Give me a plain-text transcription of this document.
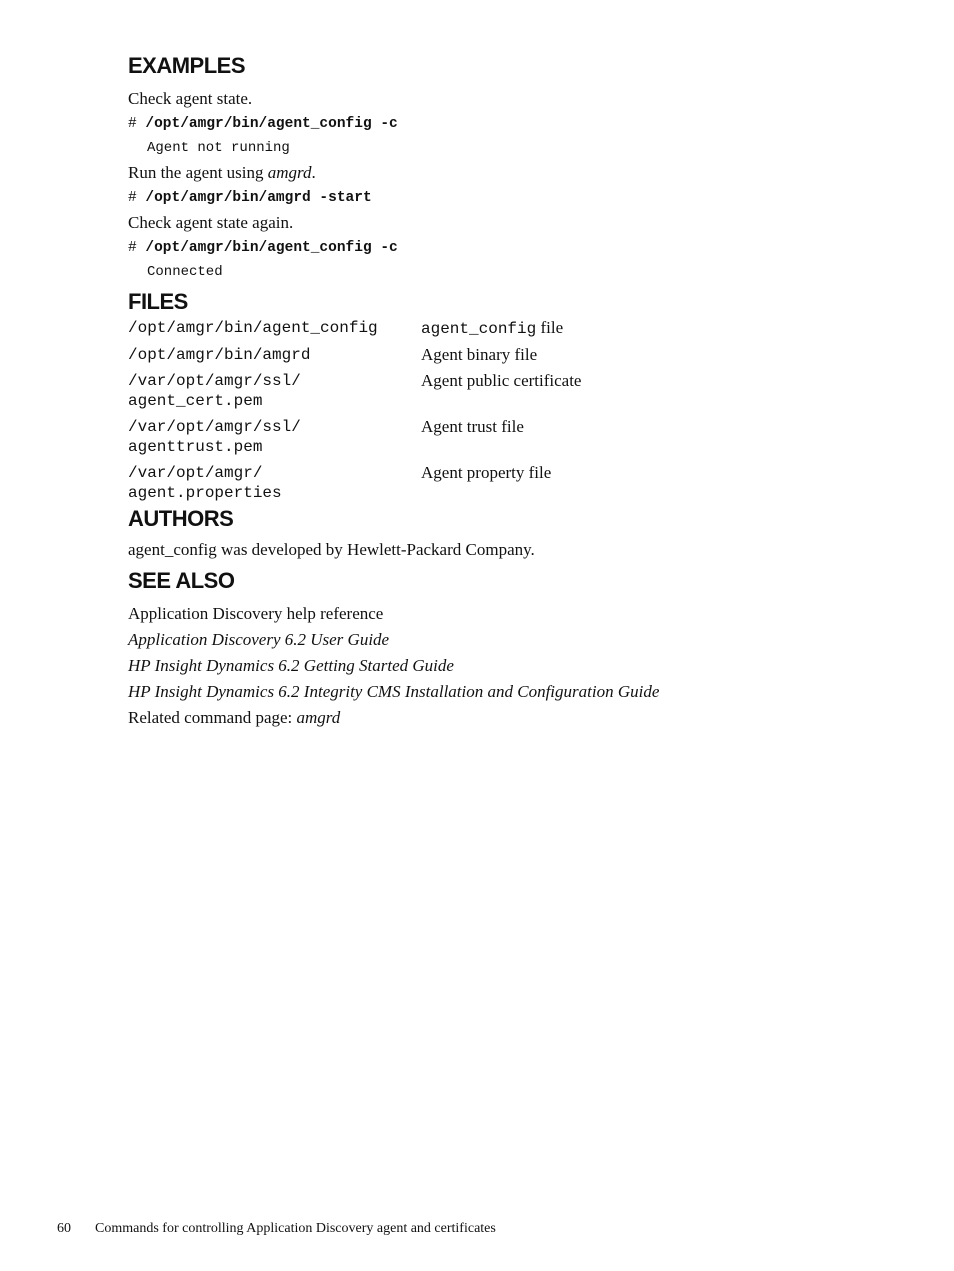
EXAMPLES

Check agent state.

# /opt/amgr/bin/agent_config -c
Agent not running

Run the agent using amgrd.

# /opt/amgr/bin/amgrd -start

Check agent state again.

# /opt/amgr/bin/agent_config -c
Connected
FILES
/opt/amgr/bin/agent_config	agent_config file
/opt/amgr/bin/amgrd	Agent binary file
/var/opt/amgr/ssl/
agent_cert.pem	Agent public certificate
/var/opt/amgr/ssl/
agenttrust.pem	Agent trust file
/var/opt/amgr/
agent.properties	Agent property file
AUTHORS

agent_config was developed by Hewlett-Packard Company.

SEE ALSO

Application Discovery help reference

Application Discovery 6.2 User Guide

HP Insight Dynamics 6.2 Getting Started Guide

HP Insight Dynamics 6.2 Integrity CMS Installation and Configuration Guide

Related command page: amgrd

60 Commands for controlling Application Discovery agent and certificates
